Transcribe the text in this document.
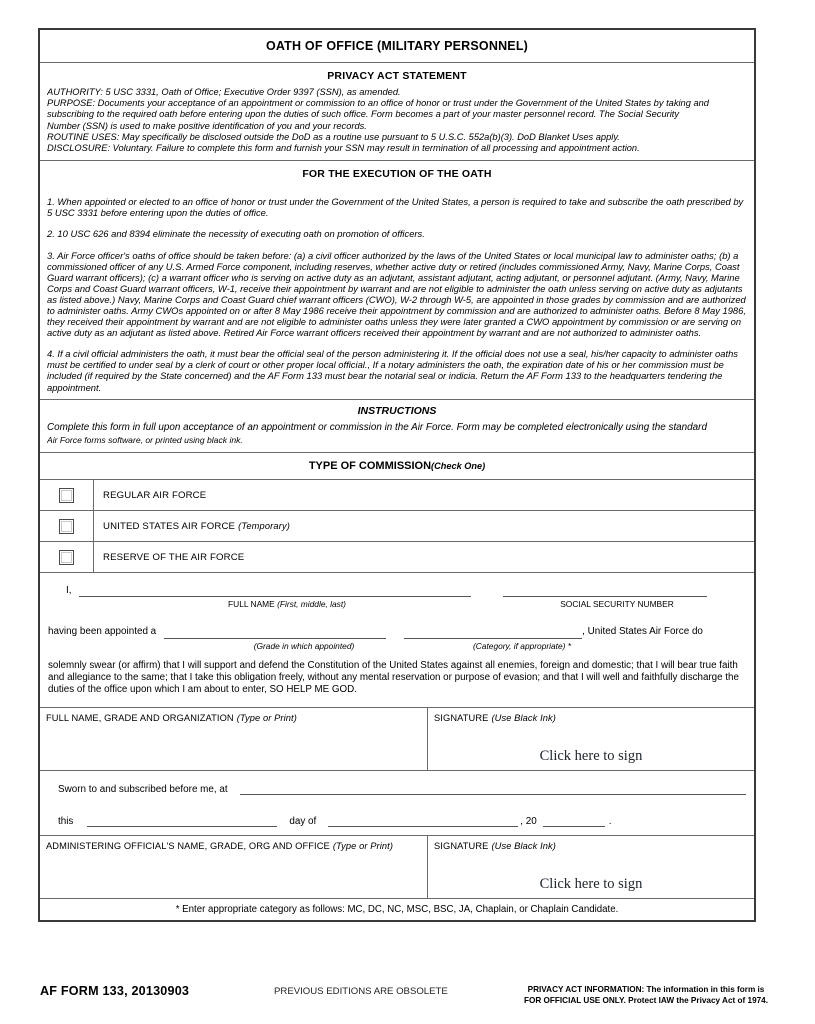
OATH OF OFFICE (MILITARY PERSONNEL)
PRIVACY ACT STATEMENT
AUTHORITY: 5 USC 3331, Oath of Office; Executive Order 9397 (SSN), as amended.
PURPOSE: Documents your acceptance of an appointment or commission to an office of honor or trust under the Government of the United States by taking and
subscribing to the required oath before entering upon the duties of such office. Form becomes a part of your master personnel record. The Social Security
Number (SSN) is used to make positive identification of you and your records.
ROUTINE USES: May specifically be disclosed outside the DoD as a routine use pursuant to 5 U.S.C. 552a(b)(3). DoD Blanket Uses apply.
DISCLOSURE: Voluntary. Failure to complete this form and furnish your SSN may result in termination of all processing and appointment action.
FOR THE EXECUTION OF THE OATH

1. When appointed or elected to an office of honor or trust under the Government of the United States, a person is required to take and subscribe the oath prescribed by 5 USC 3331 before entering upon the duties of office.

2. 10 USC 626 and 8394 eliminate the necessity of executing oath on promotion of officers.

3. Air Force officer's oaths of office should be taken before: (a) a civil officer authorized by the laws of the United States or local municipal law to administer oaths; (b) a commissioned officer of any U.S. Armed Force component, including reserves, whether active duty or retired (includes commissioned Army, Navy, Marine Corps, Coast Guard warrant officers); (c) a warrant officer who is serving on active duty as an adjutant, assistant adjutant, acting adjutant, or personnel adjutant. (Army, Navy, Marine Corps and Coast Guard warrant officers, W-1, receive their appointment by warrant and are not eligible to administer the oath unless serving on active duty as adjutants as listed above.) Navy, Marine Corps and Coast Guard chief warrant officers (CWO), W-2 through W-5, are appointed in those grades by commission and are authorized to administer oaths. Army CWOs appointed on or after 8 May 1986 receive their appointment by commission and are authorized to administer oaths. Before 8 May 1986, they received their appointment by warrant and are not eligible to administer oaths unless they were later granted a CWO appointment by commission or are serving on active duty as an adjutant as listed above. Retired Air Force warrant officers received their appointment by warrant and are not authorized to administer oaths.

4. If a civil official administers the oath, it must bear the official seal of the person administering it. If the official does not use a seal, his/her capacity to administer oaths must be certified to under seal by a clerk of court or other proper local official., If a notary administers the oath, the expiration date of his or her commission must be included (if required by the State concerned) and the AF Form 133 must bear the notarial seal or indicia. Return the AF Form 133 to the headquarters tendering the appointment.

INSTRUCTIONS

Complete this form in full upon acceptance of an appointment or commission in the Air Force. Form may be completed electronically using the standard

Air Force forms software, or printed using black ink.

TYPE OF COMMISSION(Check One)
REGULAR AIR FORCE
UNITED STATES AIR FORCE (Temporary)
RESERVE OF THE AIR FORCE
I,
FULL NAME (First, middle, last)	SOCIAL SECURITY NUMBER
having been appointed a	, United States Air Force do
(Grade in which appointed)	(Category, if appropriate) *
solemnly swear (or affirm) that I will support and defend the Constitution of the United States against all enemies, foreign and domestic; that I will bear true faith and allegiance to the same; that I take this obligation freely, without any mental reservation or purpose of evasion; and that I will well and faithfully discharge the duties of the office upon which I am about to enter, SO HELP ME GOD.
FULL NAME, GRADE AND ORGANIZATION (Type or Print)	SIGNATURE (Use Black Ink)
Click here to sign
Sworn to and subscribed before me, at
this	day of	, 20	.
ADMINISTERING OFFICIAL'S NAME, GRADE, ORG AND OFFICE (Type or Print)	SIGNATURE (Use Black Ink)
Click here to sign
* Enter appropriate category as follows: MC, DC, NC, MSC, BSC, JA, Chaplain, or Chaplain Candidate.
AF FORM 133, 20130903	PREVIOUS EDITIONS ARE OBSOLETE	PRIVACY ACT INFORMATION: The information in this form is
FOR OFFICIAL USE ONLY. Protect IAW the Privacy Act of 1974.
